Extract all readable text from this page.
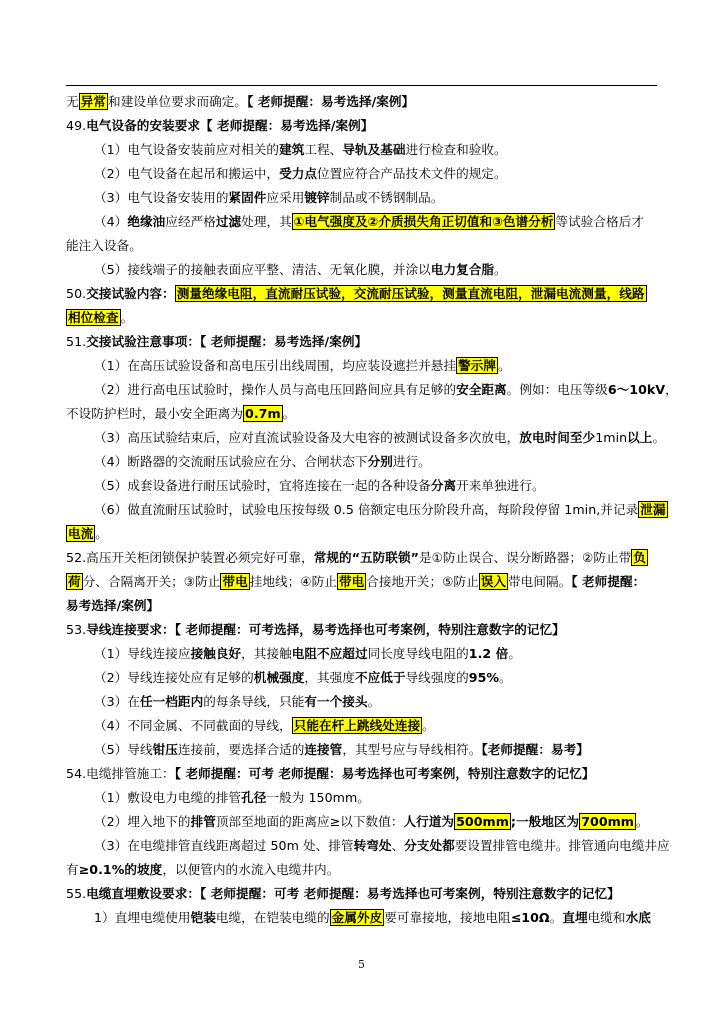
无 异常 和建设单位要求而确定。【 老师提醒：易考选择/案例】

49.电气设备的安装要求【 老师提醒：易考选择/案例】

（1）电气设备安装前应对相关的建筑工程、导轨及基础进行检查和验收。

（2）电气设备在起吊和搬运中，受力点位置应符合产品技术文件的规定。

（3）电气设备安装用的紧固件应采用镀锌制品或不锈钢制品。

（4）绝缘油应经严格过滤处理，其 ①电气强度及②介质损失角正切值和③色谱分析 等试验合格后才

能注入设备。

（5）接线端子的接触表面应平整、清洁、无氧化膜，并涂以电力复合脂。

50.交接试验内容： 测量绝缘电阻，直流耐压试验，交流耐压试验，测量直流电阻，泄漏电流测量，线路

相位检查 。

51.交接试验注意事项：【 老师提醒：易考选择/案例】

（1）在高压试验设备和高电压引出线周围，均应装设遮拦并悬挂 警示牌 。

（2）进行高电压试验时，操作人员与高电压回路间应具有足够的安全距离。例如：电压等级6～10kV，

不设防护栏时，最小安全距离为 0.7m 。

（3）高压试验结束后，应对直流试验设备及大电容的被测试设备多次放电，放电时间至少1min以上。

（4）断路器的交流耐压试验应在分、合闸状态下分别进行。

（5）成套设备进行耐压试验时，宜将连接在一起的各种设备分离开来单独进行。

（6）做直流耐压试验时，试验电压按每级 0.5 倍额定电压分阶段升高，每阶段停留 1min,并记录 泄漏

电流 。

52.高压开关柜闭锁保护装置必须完好可靠，常规的“五防联锁”是①防止误合、误分断路器；②防止带 负

荷 分、合隔离开关；③防止 带电 挂地线；④防止 带电 合接地开关；⑤防止 误入 带电间隔。【 老师提醒：

易考选择/案例】

53.导线连接要求：【 老师提醒：可考选择，易考选择也可考案例，特别注意数字的记忆】

（1）导线连接应接触良好，其接触电阻不应超过同长度导线电阻的1.2 倍。

（2）导线连接处应有足够的机械强度，其强度不应低于导线强度的95%。

（3）在任一档距内的每条导线，只能有一个接头。

（4）不同金属、不同截面的导线， 只能在杆上跳线处连接 。

（5）导线钳压连接前，要选择合适的连接管，其型号应与导线相符。【老师提醒：易考】

54.电缆排管施工：【 老师提醒：可考 老师提醒：易考选择也可考案例，特别注意数字的记忆】

（1）敷设电力电缆的排管孔径一般为 150mm。

（2）埋入地下的排管顶部至地面的距离应≥以下数值：人行道为 500mm ;一般地区为 700mm 。

（3）在电缆排管直线距离超过 50m 处、排管转弯处、分支处都要设置排管电缆井。排管通向电缆井应

有≥0.1%的坡度，以便管内的水流入电缆井内。

55.电缆直埋敷设要求：【 老师提醒：可考 老师提醒：易考选择也可考案例，特别注意数字的记忆】

1）直埋电缆使用铠装电缆，在铠装电缆的 金属外皮 要可靠接地，接地电阻≤10Ω。直埋电缆和水底

5
